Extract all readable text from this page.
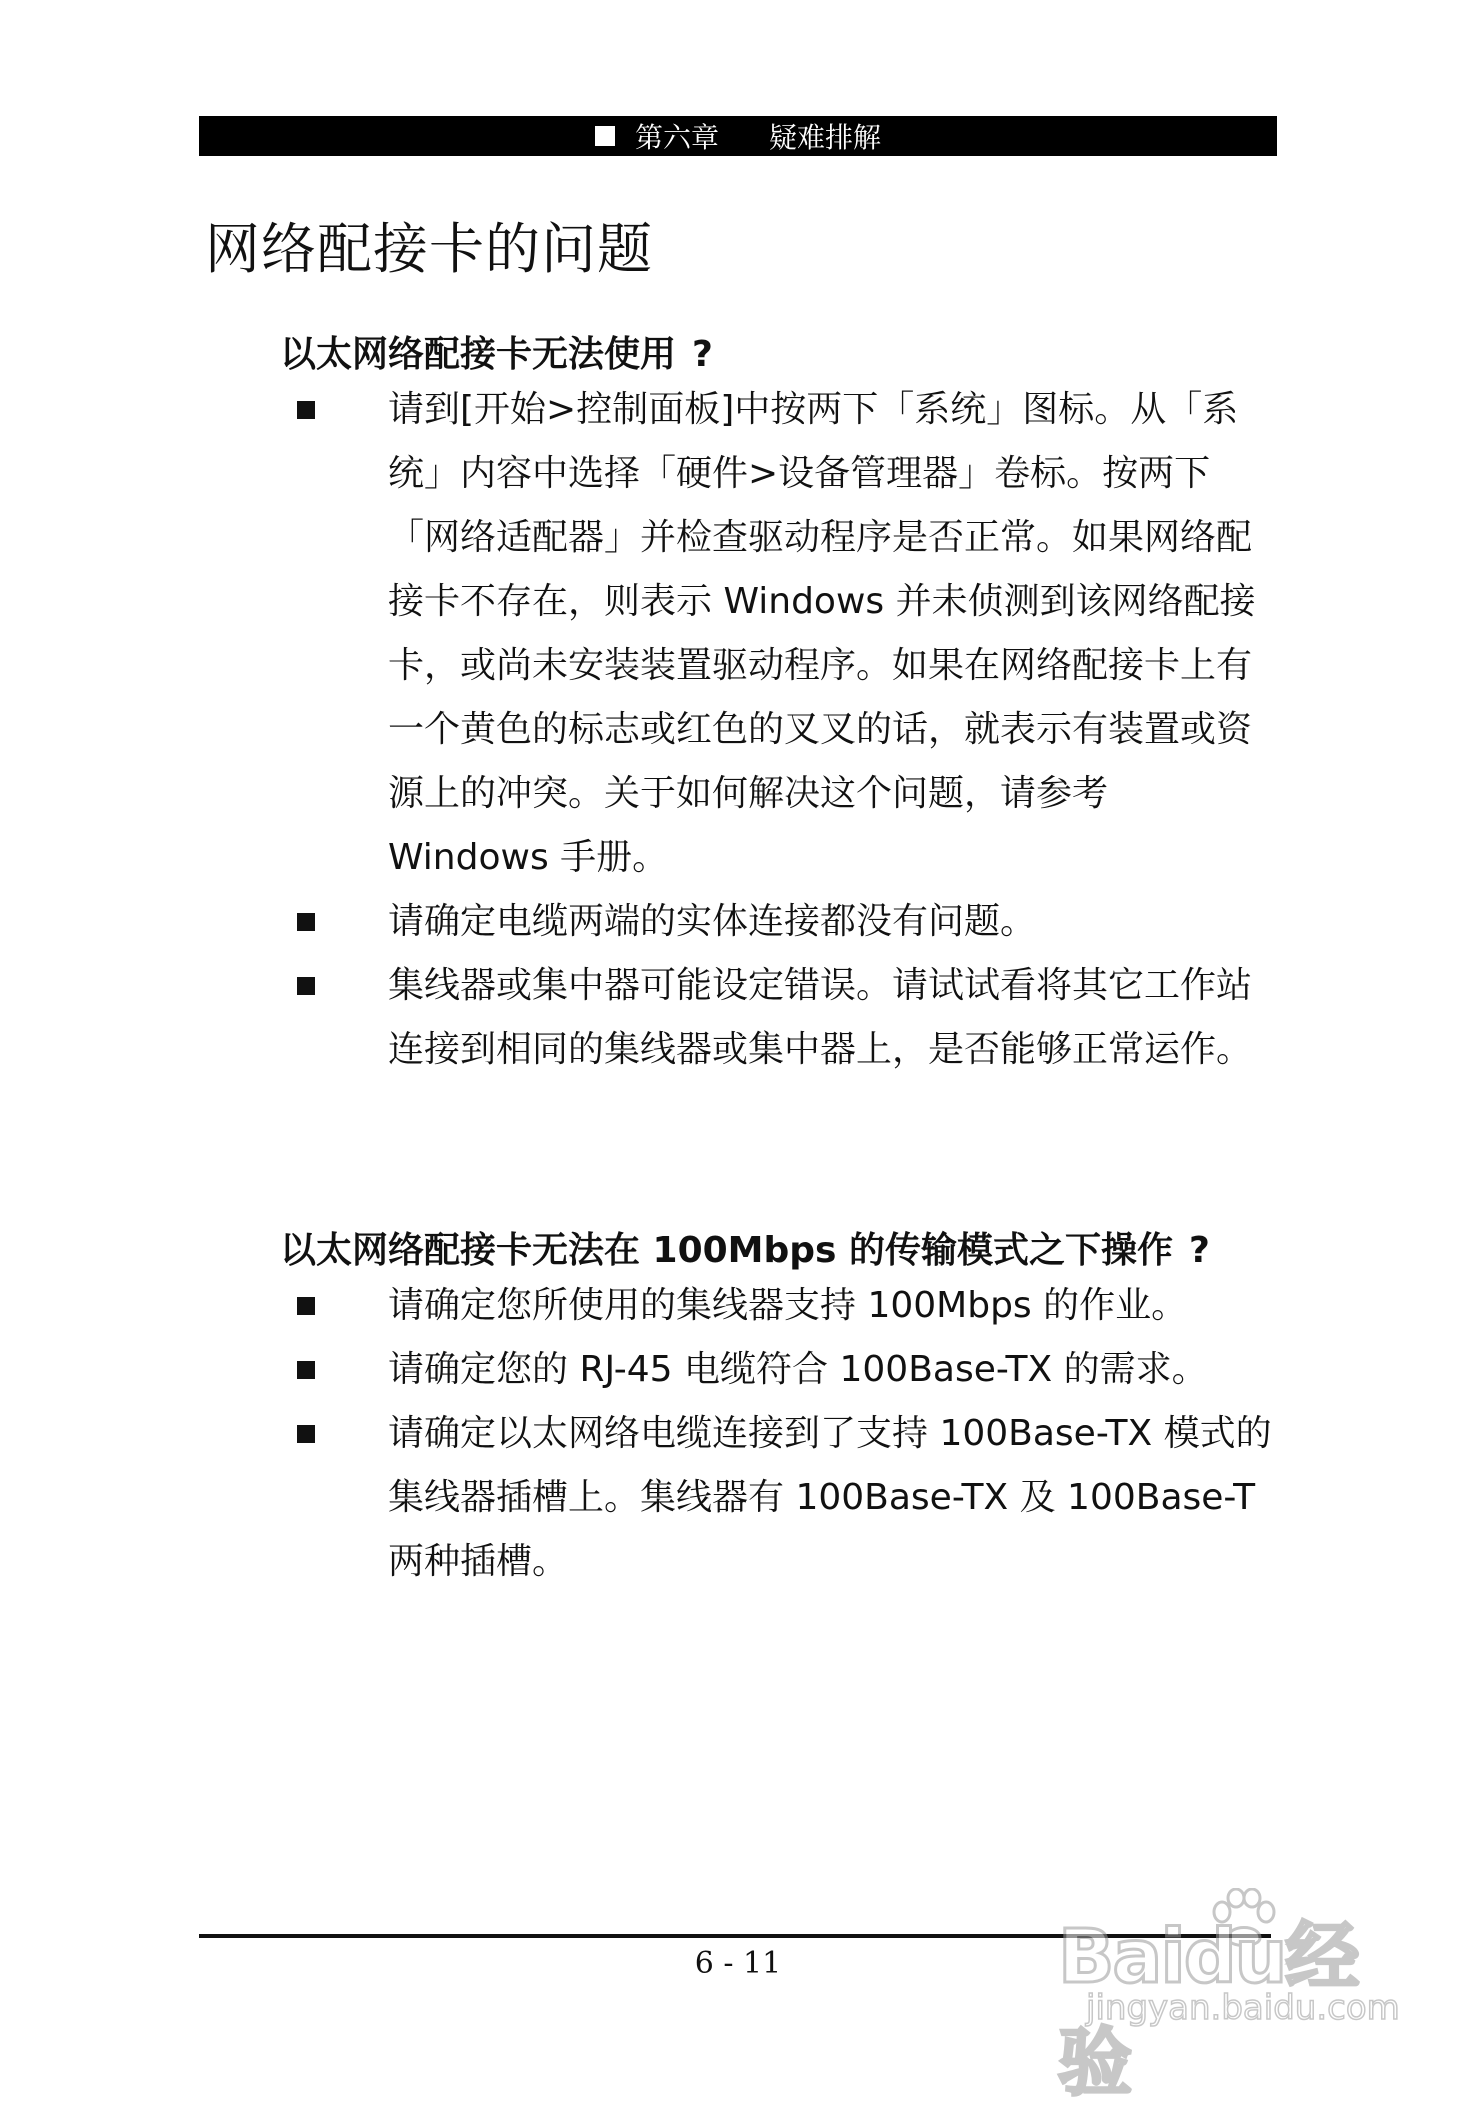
第六章 疑难排解
网络配接卡的问题
以太网络配接卡无法使用 ?
请到[开始>控制面板]中按两下「系统」图标。从「系统」内容中选择「硬件>设备管理器」卷标。按两下「网络适配器」并检查驱动程序是否正常。如果网络配接卡不存在，则表示 Windows 并未侦测到该网络配接卡，或尚未安装装置驱动程序。如果在网络配接卡上有一个黄色的标志或红色的叉叉的话，就表示有装置或资源上的冲突。关于如何解决这个问题，请参考 Windows 手册。
请确定电缆两端的实体连接都没有问题。
集线器或集中器可能设定错误。请试试看将其它工作站连接到相同的集线器或集中器上，是否能够正常运作。
以太网络配接卡无法在 100Mbps 的传输模式之下操作 ?
请确定您所使用的集线器支持 100Mbps 的作业。
请确定您的 RJ-45 电缆符合 100Base-TX 的需求。
请确定以太网络电缆连接到了支持 100Base-TX 模式的集线器插槽上。集线器有 100Base-TX 及 100Base-T 两种插槽。
6 - 11	Baidu经验
jingyan.baidu.com
